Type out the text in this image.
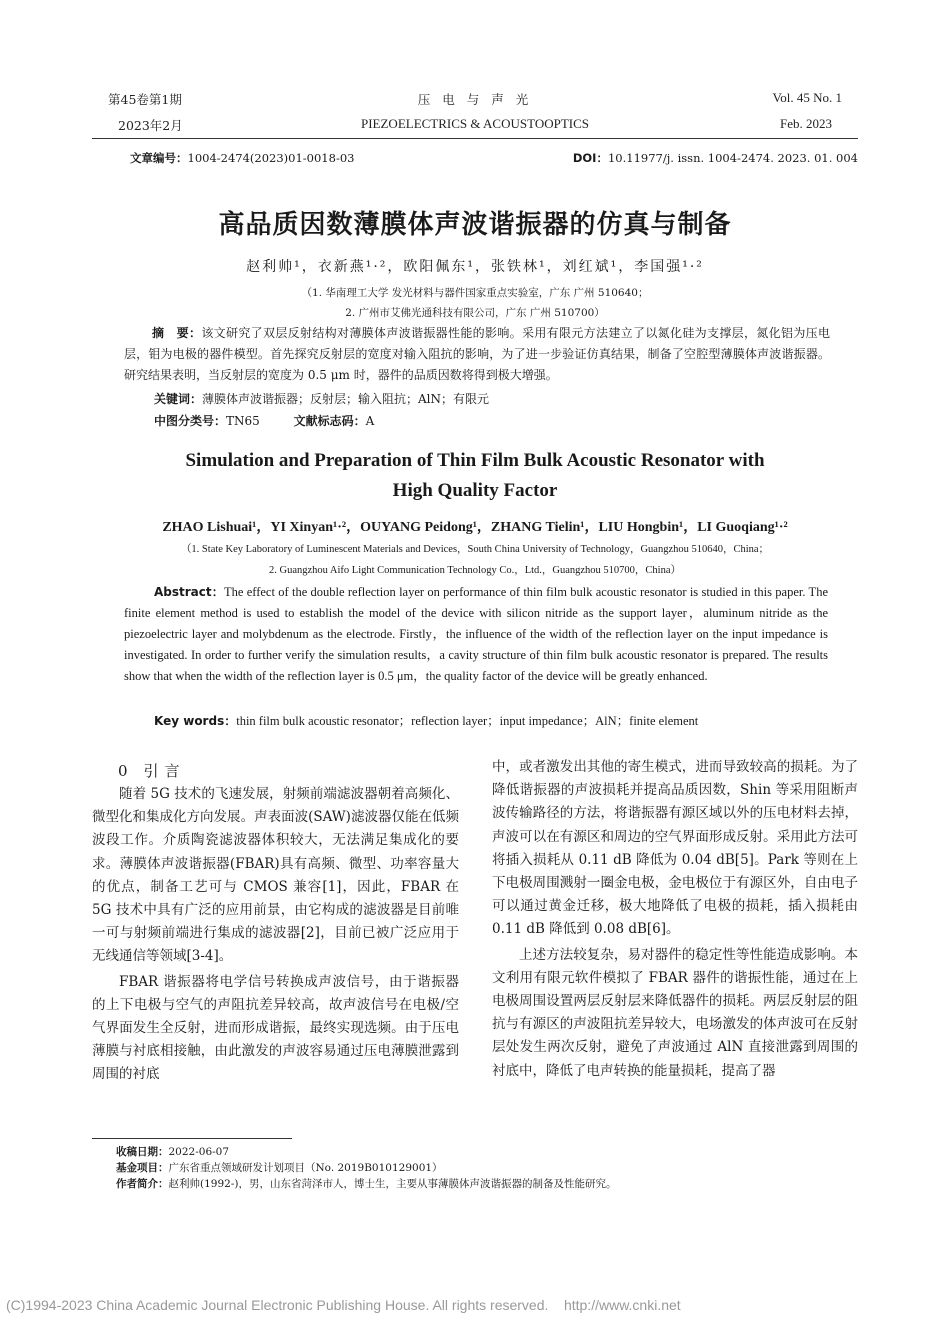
第45卷第1期
2023年2月
压 电 与 声 光
PIEZOELECTRICS & ACOUSTOOPTICS
Vol. 45 No. 1
Feb. 2023
文章编号：1004-2474(2023)01-0018-03	DOI：10.11977/j. issn. 1004-2474. 2023. 01. 004
高品质因数薄膜体声波谐振器的仿真与制备
赵利帅¹，衣新燕¹·²，欧阳佩东¹，张铁林¹，刘红斌¹，李国强¹·²
（1. 华南理工大学 发光材料与器件国家重点实验室，广东 广州 510640；
2. 广州市艾佛光通科技有限公司，广东 广州 510700）
摘　要：该文研究了双层反射结构对薄膜体声波谐振器性能的影响。采用有限元方法建立了以氮化硅为支撑层，氮化铝为压电层，钼为电极的器件模型。首先探究反射层的宽度对输入阻抗的影响，为了进一步验证仿真结果，制备了空腔型薄膜体声波谐振器。研究结果表明，当反射层的宽度为 0.5 μm 时，器件的品质因数将得到极大增强。
关键词：薄膜体声波谐振器；反射层；输入阻抗；AlN；有限元
中图分类号：TN65	文献标志码：A
Simulation and Preparation of Thin Film Bulk Acoustic Resonator with
High Quality Factor
ZHAO Lishuai¹，YI Xinyan¹·²，OUYANG Peidong¹，ZHANG Tielin¹，LIU Hongbin¹，LI Guoqiang¹·²
（1. State Key Laboratory of Luminescent Materials and Devices，South China University of Technology，Guangzhou 510640，China；
2. Guangzhou Aifo Light Communication Technology Co.，Ltd.，Guangzhou 510700，China）
Abstract：The effect of the double reflection layer on performance of thin film bulk acoustic resonator is studied in this paper. The finite element method is used to establish the model of the device with silicon nitride as the support layer，aluminum nitride as the piezoelectric layer and molybdenum as the electrode. Firstly，the influence of the width of the reflection layer on the input impedance is investigated. In order to further verify the simulation results，a cavity structure of thin film bulk acoustic resonator is prepared. The results show that when the width of the reflection layer is 0.5 μm，the quality factor of the device will be greatly enhanced.
Key words：thin film bulk acoustic resonator；reflection layer；input impedance；AlN；finite element
0 引言

随着 5G 技术的飞速发展，射频前端滤波器朝着高频化、微型化和集成化方向发展。声表面波(SAW)滤波器仅能在低频波段工作。介质陶瓷滤波器体积较大，无法满足集成化的要求。薄膜体声波谐振器(FBAR)具有高频、微型、功率容量大的优点，制备工艺可与 CMOS 兼容[1]，因此，FBAR 在 5G 技术中具有广泛的应用前景，由它构成的滤波器是目前唯一可与射频前端进行集成的滤波器[2]，目前已被广泛应用于无线通信等领域[3-4]。

FBAR 谐振器将电学信号转换成声波信号，由于谐振器的上下电极与空气的声阻抗差异较高，故声波信号在电极/空气界面发生全反射，进而形成谐振，最终实现选频。由于压电薄膜与衬底相接触，由此激发的声波容易通过压电薄膜泄露到周围的衬底

中，或者激发出其他的寄生模式，进而导致较高的损耗。为了降低谐振器的声波损耗并提高品质因数，Shin 等采用阻断声波传输路径的方法，将谐振器有源区域以外的压电材料去掉，声波可以在有源区和周边的空气界面形成反射。采用此方法可将插入损耗从 0.11 dB 降低为 0.04 dB[5]。Park 等则在上下电极周围溅射一圈金电极，金电极位于有源区外，自由电子可以通过黄金迁移，极大地降低了电极的损耗，插入损耗由 0.11 dB 降低到 0.08 dB[6]。

上述方法较复杂，易对器件的稳定性等性能造成影响。本文利用有限元软件模拟了 FBAR 器件的谐振性能，通过在上电极周围设置两层反射层来降低器件的损耗。两层反射层的阻抗与有源区的声波阻抗差异较大，电场激发的体声波可在反射层处发生两次反射，避免了声波通过 AlN 直接泄露到周围的衬底中，降低了电声转换的能量损耗，提高了器

收稿日期：2022-06-07
基金项目：广东省重点领域研发计划项目（No. 2019B010129001）
作者简介：赵利帅(1992-)，男，山东省菏泽市人，博士生，主要从事薄膜体声波谐振器的制备及性能研究。
(C)1994-2023 China Academic Journal Electronic Publishing House. All rights reserved.    http://www.cnki.net
